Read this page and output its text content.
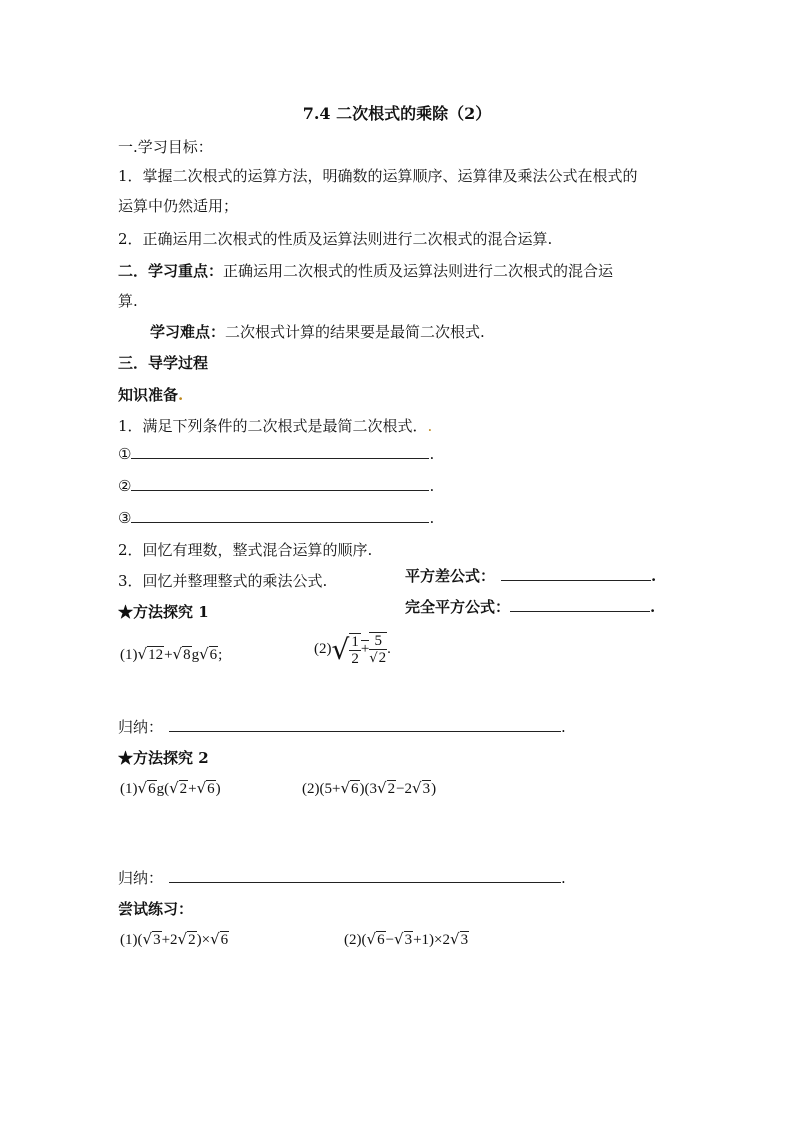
7.4 二次根式的乘除（2）
一.学习目标：
1．掌握二次根式的运算方法，明确数的运算顺序、运算律及乘法公式在根式的
运算中仍然适用；
2．正确运用二次根式的性质及运算法则进行二次根式的混合运算.
二．学习重点：正确运用二次根式的性质及运算法则进行二次根式的混合运
算.
学习难点：二次根式计算的结果要是最简二次根式.
三．导学过程
知识准备.
1．满足下列条件的二次根式是最简二次根式．.
①	.
②	.
③	.
2．回忆有理数，整式混合运算的顺序.
3．回忆并整理整式的乘法公式.	平方差公式：	.
完全平方公式：	.
★方法探究 1
(1)√12+√8g√6;	$(2)√ \frac{1}{2} + \frac{5}{√2}$ .
归纳：	.
★方法探究 2
(1)√6g(√2+√6)	(2)(5+√6)(3√2−2√3)
归纳：	.
尝试练习：
(1)(√3+2√2)×√6	(2)(√6−√3+1)×2√3
